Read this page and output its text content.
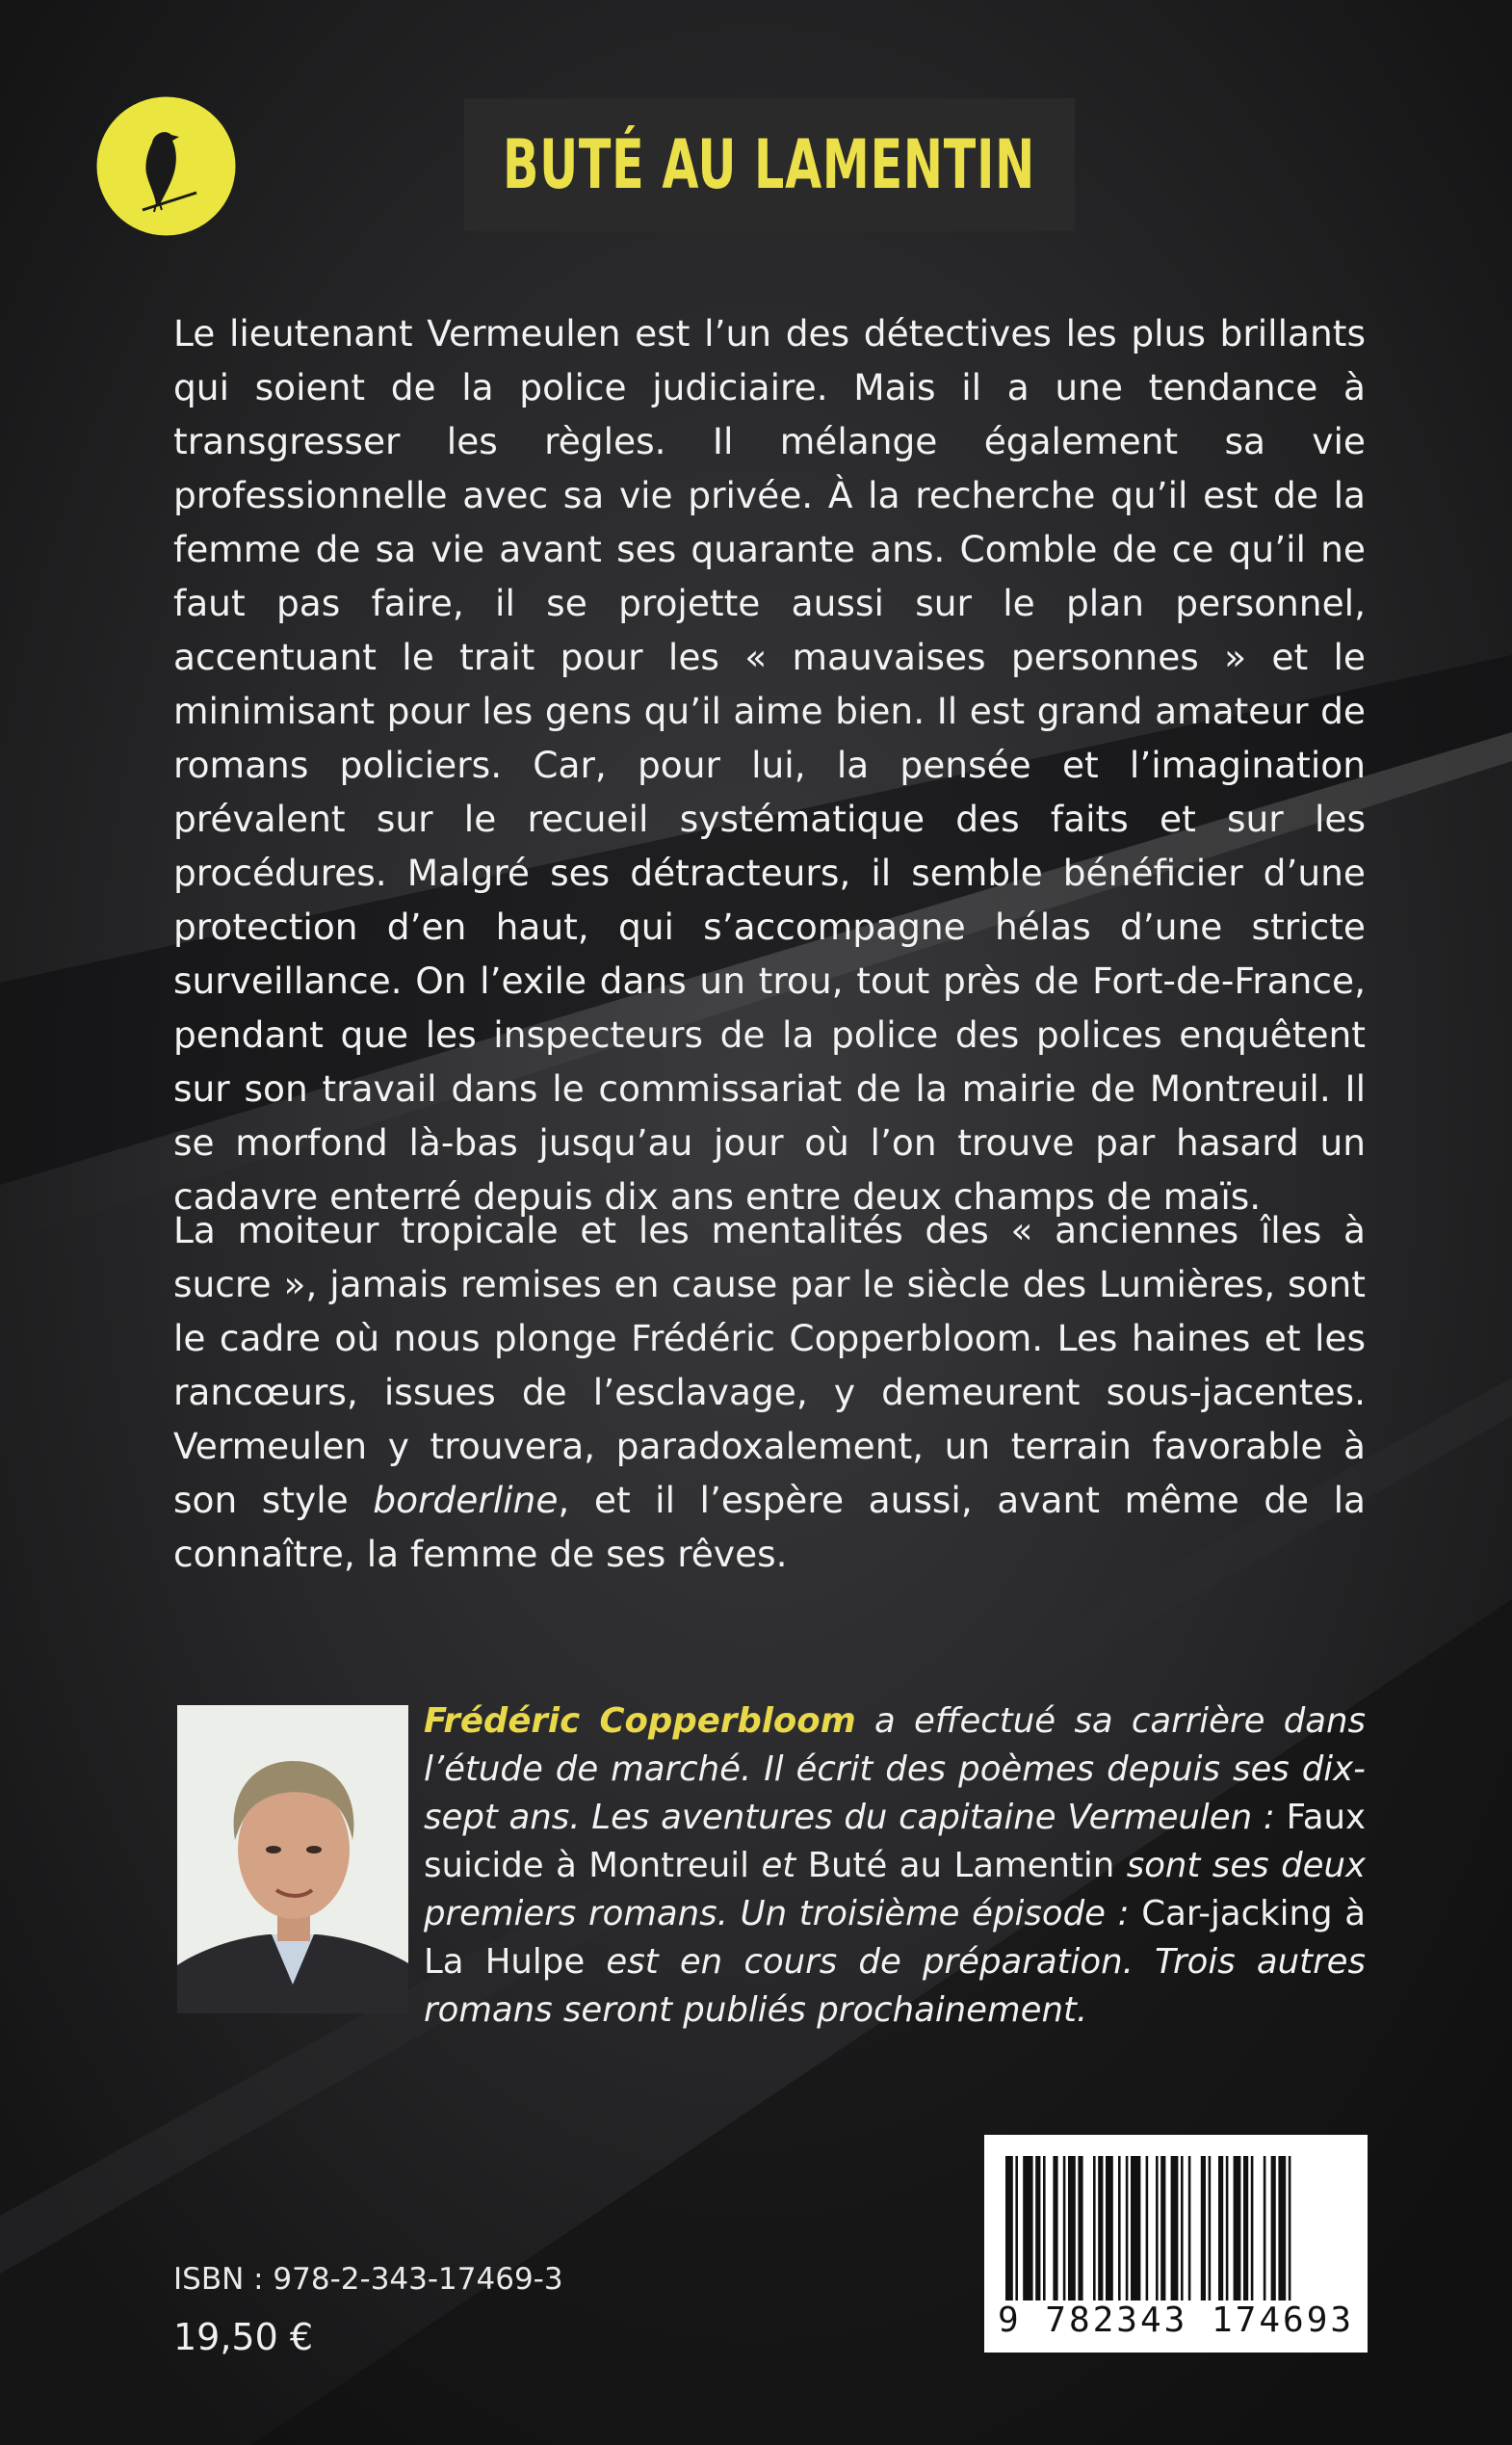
BUTÉ AU LAMENTIN

Le lieutenant Vermeulen est l’un des détectives les plus brillants qui soient de la police judiciaire. Mais il a une tendance à transgresser les règles. Il mélange également sa vie professionnelle avec sa vie privée. À la recherche qu’il est de la femme de sa vie avant ses quarante ans. Comble de ce qu’il ne faut pas faire, il se projette aussi sur le plan personnel, accentuant le trait pour les « mauvaises personnes » et le minimisant pour les gens qu’il aime bien. Il est grand amateur de romans policiers. Car, pour lui, la pensée et l’imagination prévalent sur le recueil systématique des faits et sur les procédures. Malgré ses détracteurs, il semble bénéficier d’une protection d’en haut, qui s’accompagne hélas d’une stricte surveillance. On l’exile dans un trou, tout près de Fort-de-France, pendant que les inspecteurs de la police des polices enquêtent sur son travail dans le commissariat de la mairie de Montreuil. Il se morfond là-bas jusqu’au jour où l’on trouve par hasard un cadavre enterré depuis dix ans entre deux champs de maïs.

La moiteur tropicale et les mentalités des « anciennes îles à sucre », jamais remises en cause par le siècle des Lumières, sont le cadre où nous plonge Frédéric Copperbloom. Les haines et les rancœurs, issues de l’esclavage, y demeurent sous-jacentes. Vermeulen y trouvera, paradoxalement, un terrain favorable à son style borderline, et il l’espère aussi, avant même de la connaître, la femme de ses rêves.

Frédéric Copperbloom a effectué sa carrière dans l’étude de marché. Il écrit des poèmes depuis ses dix-sept ans. Les aventures du capitaine Vermeulen : Faux suicide à Montreuil et Buté au Lamentin sont ses deux premiers romans. Un troisième épisode : Car-jacking à La Hulpe est en cours de préparation. Trois autres romans seront publiés prochainement.

ISBN : 978-2-343-17469-3
19,50 €	9 782343 174693
